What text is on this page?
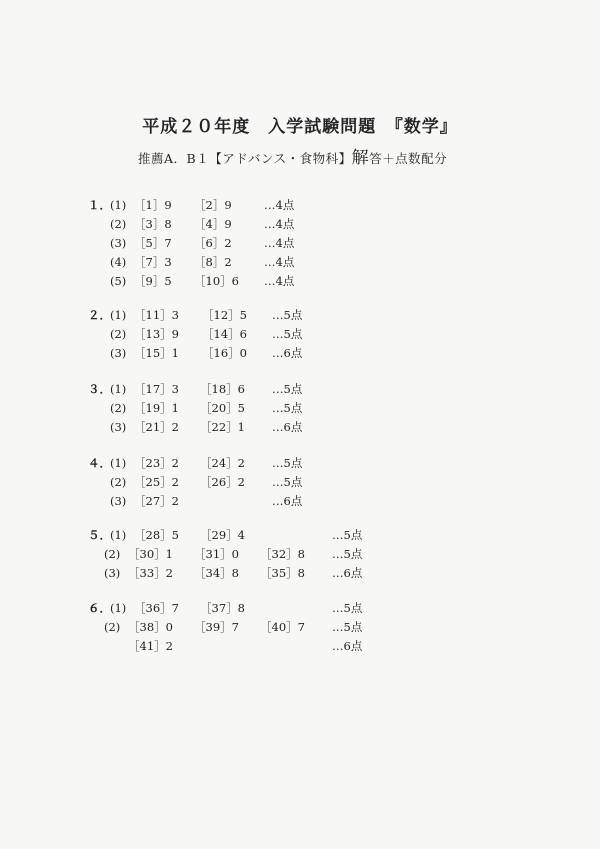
平成２０年度　入学試験問題　『数学』
推薦A．B１【アドバンス・食物科】解答＋点数配分
１． (1) ［1］9 ［2］9	…4点
(2) ［3］8 ［4］9	…4点
(3) ［5］7 ［6］2	…4点
(4) ［7］3 ［8］2	…4点
(5) ［9］5 ［10］6 …4点
２． (1) ［11］3 ［12］5 …5点
(2) ［13］9 ［14］6 …5点
(3) ［15］1 ［16］0 …6点
３． (1) ［17］3 ［18］6 …5点
(2) ［19］1 ［20］5 …5点
(3) ［21］2 ［22］1 …6点
４． (1) ［23］2 ［24］2 …5点
(2) ［25］2 ［26］2 …5点
(3) ［27］2	…6点
５． (1) ［28］5 ［29］4	…5点
(2) ［30］1 ［31］0 ［32］8 …5点
(3) ［33］2 ［34］8 ［35］8 …6点
６． (1) ［36］7 ［37］8	…5点
(2) ［38］0 ［39］7 ［40］7 …5点
［41］2	…6点
